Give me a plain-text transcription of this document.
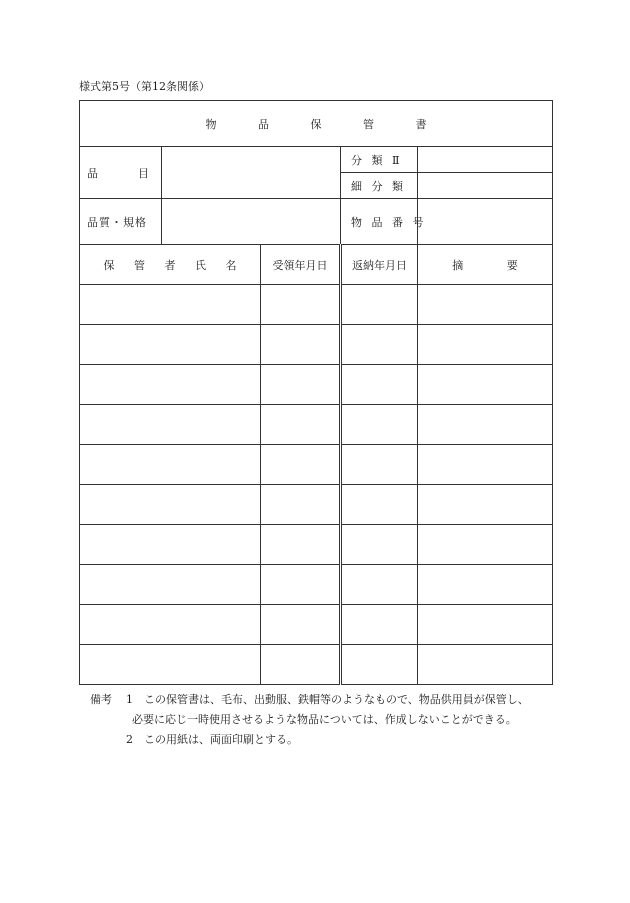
様式第5号（第12条関係）
物 品 保 管 書				

品 目			分 類 Ⅱ	
			細 分 類	

品質・規格			物 品 番 号	
保 管 者 氏 名		受領年月日	返納年月日	摘 要

備考	1	この保管書は、毛布、出動服、鉄帽等のようなもので、物品供用員が保管し、
必要に応じ一時使用させるような物品については、作成しないことができる。
2	この用紙は、両面印刷とする。
